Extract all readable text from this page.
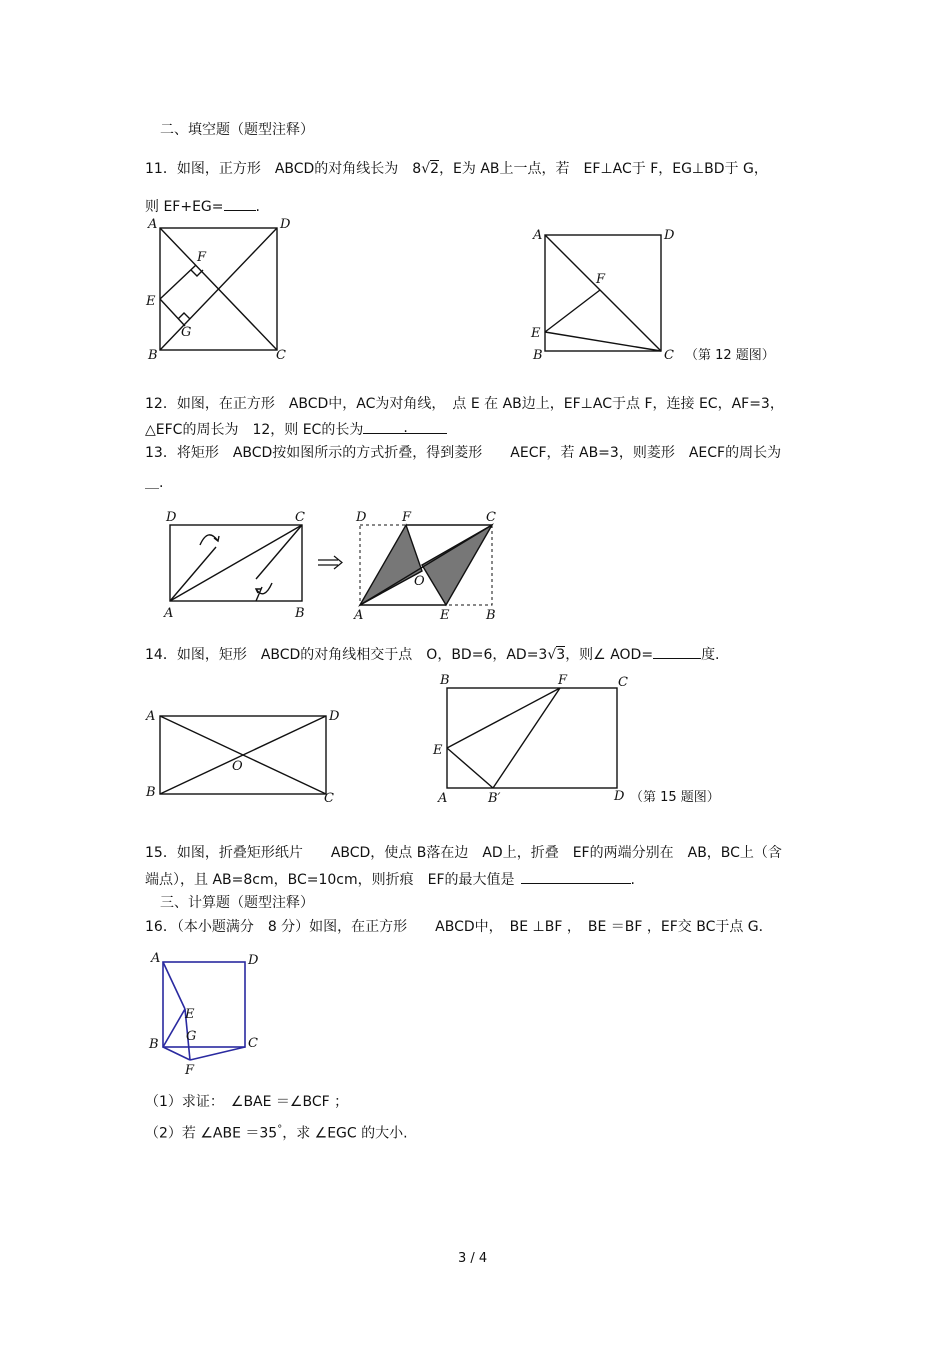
二、填空题（题型注释）
11．如图，正方形　ABCD的对角线长为　8√2，E为 AB上一点，若　EF⊥AC于 F，EG⊥BD于 G，
则 EF+EG= .
A	D
E
F
G
B	C
A	D
F
E
B	C （第 12 题图）
12．如图，在正方形　ABCD中，AC为对角线，　点 E 在 AB边上，EF⊥AC于点 F，连接 EC，AF=3，
△EFC的周长为　12，则 EC的长为	.
13．将矩形　ABCD按如图所示的方式折叠，得到菱形　　AECF，若 AB=3，则菱形　AECF的周长为
＿.
D	C
A	B
D	F	C
O
A	E	B
14．如图，矩形　ABCD的对角线相交于点　O，BD=6，AD=3√3，则∠ AOD=	度.
A	D
O
B	C
B	F	C
E
A	B′	D （第 15 题图）
15．如图，折叠矩形纸片　　ABCD，使点 B落在边　AD上，折叠　EF的两端分别在　AB，BC上（含
端点），且 AB=8cm，BC=10cm，则折痕　EF的最大值是	.
三、计算题（题型注释）
16．（本小题满分　8 分）如图，在正方形　　ABCD中，　BE ⊥BF ，　BE ＝BF ，EF交 BC于点 G．
A	D
E
G
B	C
F
（1）求证：　∠BAE ＝∠BCF ；
（2）若 ∠ABE ＝35°，求 ∠EGC 的大小.
3 / 4
